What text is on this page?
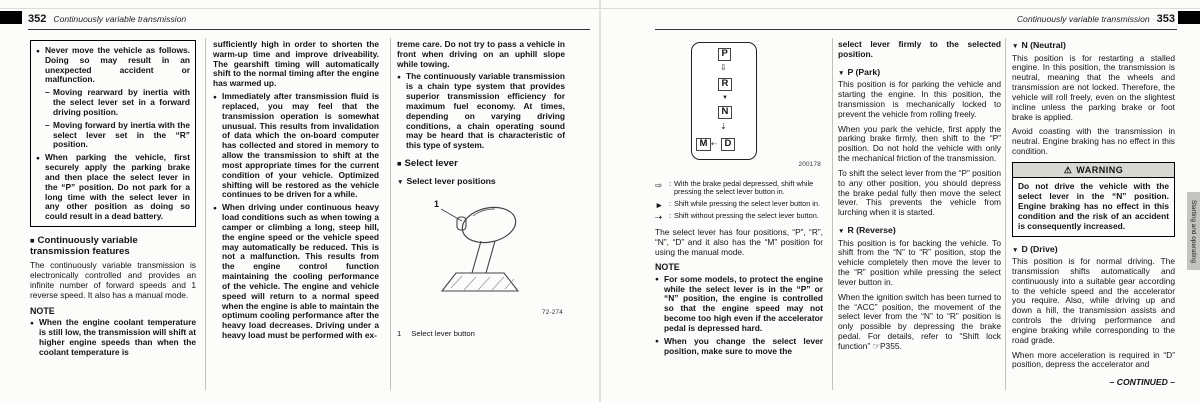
352 Continuously variable transmission	Continuously variable transmission 353
● Never move the vehicle as follows. Doing so may result in an unexpected accident or malfunction.
– Moving rearward by inertia with the select lever set in a forward driving position.
– Moving forward by inertia with the select lever set in the “R” position.
● When parking the vehicle, first securely apply the parking brake and then place the select lever in the “P” position. Do not park for a long time with the select lever in any other position as doing so could result in a dead battery.
■ Continuously variable transmission features
The continuously variable transmission is electronically controlled and provides an infinite number of forward speeds and 1 reverse speed. It also has a manual mode.
NOTE
● When the engine coolant temperature is still low, the transmission will shift at higher engine speeds than when the coolant temperature is
sufficiently high in order to shorten the warm-up time and improve driveability. The gearshift timing will automatically shift to the normal timing after the engine has warmed up.
● Immediately after transmission fluid is replaced, you may feel that the transmission operation is somewhat unusual. This results from invalidation of data which the on-board computer has collected and stored in memory to allow the transmission to shift at the most appropriate times for the current condition of your vehicle. Optimized shifting will be restored as the vehicle continues to be driven for a while.
● When driving under continuous heavy load conditions such as when towing a camper or climbing a long, steep hill, the engine speed or the vehicle speed may automatically be reduced. This is not a malfunction. This results from the engine control function maintaining the cooling performance of the vehicle. The engine and vehicle speed will return to a normal speed when the engine is able to maintain the optimum cooling performance after the heavy load decreases. Driving under a heavy load must be performed with ex-
treme care. Do not try to pass a vehicle in front when driving on an uphill slope while towing.
● The continuously variable transmission is a chain type system that provides superior transmission efficiency for maximum fuel economy. At times, depending on varying driving conditions, a chain operating sound may be heard that is characteristic of this type of system.
■ Select lever
▼ Select lever positions
1
72-274
1 Select lever button
P
⇩
R
▼
N
⇣
M ⇠ D
200178
⇨ : With the brake pedal depressed, shift while pressing the select lever button in.
► : Shift while pressing the select lever button in.
⇢ : Shift without pressing the select lever button.
The select lever has four positions, “P”, “R”, “N”, “D” and it also has the “M” position for using the manual mode.
NOTE
● For some models, to protect the engine while the select lever is in the “P” or “N” position, the engine is controlled so that the engine speed may not become too high even if the accelerator pedal is depressed hard.
● When you change the select lever position, make sure to move the
select lever firmly to the selected position.
▼ P (Park)
This position is for parking the vehicle and starting the engine. In this position, the transmission is mechanically locked to prevent the vehicle from rolling freely.
When you park the vehicle, first apply the parking brake firmly, then shift to the “P” position. Do not hold the vehicle with only the mechanical friction of the transmission.
To shift the select lever from the “P” position to any other position, you should depress the brake pedal fully then move the select lever. This prevents the vehicle from lurching when it is started.
▼ R (Reverse)
This position is for backing the vehicle. To shift from the “N” to “R” position, stop the vehicle completely then move the lever to the “R” position while pressing the select lever button in.
When the ignition switch has been turned to the “ACC” position, the movement of the select lever from the “N” to “R” position is only possible by depressing the brake pedal. For details, refer to “Shift lock function” ☞P355.
▼ N (Neutral)
This position is for restarting a stalled engine. In this position, the transmission is neutral, meaning that the wheels and transmission are not locked. Therefore, the vehicle will roll freely, even on the slightest incline unless the parking brake or foot brake is applied.
Avoid coasting with the transmission in neutral. Engine braking has no effect in this condition.
⚠ WARNING
Do not drive the vehicle with the select lever in the “N” position. Engine braking has no effect in this condition and the risk of an accident is consequently increased.
▼ D (Drive)
This position is for normal driving. The transmission shifts automatically and continuously into a suitable gear according to the vehicle speed and the accelerator you require. Also, while driving up and down a hill, the transmission assists and controls the driving performance and engine braking while corresponding to the road grade.
When more acceleration is required in “D” position, depress the accelerator and
– CONTINUED –
Starting and operating
